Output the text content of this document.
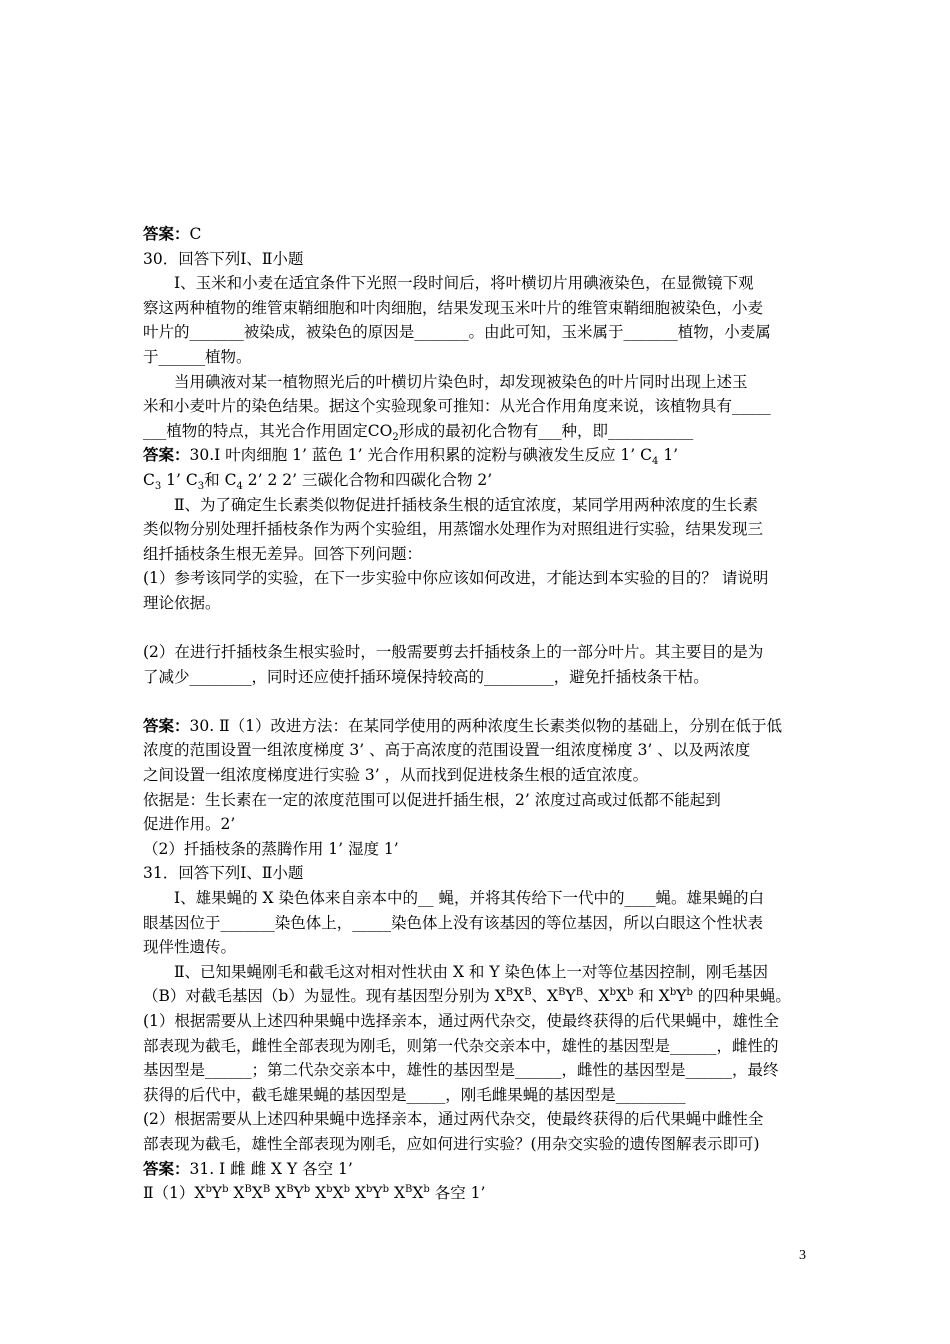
答案：C
30．回答下列Ⅰ、Ⅱ小题
Ⅰ、玉米和小麦在适宜条件下光照一段时间后，将叶横切片用碘液染色，在显微镜下观
察这两种植物的维管束鞘细胞和叶肉细胞，结果发现玉米叶片的维管束鞘细胞被染色，小麦
叶片的_______被染成，被染色的原因是_______。由此可知，玉米属于_______植物，小麦属
于______植物。
当用碘液对某一植物照光后的叶横切片染色时，却发现被染色的叶片同时出现上述玉
米和小麦叶片的染色结果。据这个实验现象可推知：从光合作用角度来说，该植物具有_____
___植物的特点，其光合作用固定$CO_2$形成的最初化合物有___种，即___________
答案：30.Ⅰ 叶肉细胞 1’ 蓝色 1’ 光合作用积累的淀粉与碘液发生反应 1’ $C_4$ 1’
$C_3$ 1’ $C_3$和 $C_4$ 2’ 2 2’ 三碳化合物和四碳化合物 2’
Ⅱ、为了确定生长素类似物促进扦插枝条生根的适宜浓度，某同学用两种浓度的生长素
类似物分别处理扦插枝条作为两个实验组，用蒸馏水处理作为对照组进行实验，结果发现三
组扦插枝条生根无差异。回答下列问题：
(1）参考该同学的实验，在下一步实验中你应该如何改进，才能达到本实验的目的？ 请说明
理论依据。
(2）在进行扦插枝条生根实验时，一般需要剪去扦插枝条上的一部分叶片。其主要目的是为
了减少________，同时还应使扦插环境保持较高的_________，避免扦插枝条干枯。
答案：30. Ⅱ（1）改进方法：在某同学使用的两种浓度生长素类似物的基础上，分别在低于低
浓度的范围设置一组浓度梯度 3’ 、高于高浓度的范围设置一组浓度梯度 3’ 、以及两浓度
之间设置一组浓度梯度进行实验 3’ ，从而找到促进枝条生根的适宜浓度。
依据是：生长素在一定的浓度范围可以促进扦插生根，2’ 浓度过高或过低都不能起到
促进作用。2’
（2）扦插枝条的蒸腾作用 1’ 湿度 1’
31．回答下列Ⅰ、Ⅱ小题
Ⅰ、雄果蝇的 X 染色体来自亲本中的__ 蝇，并将其传给下一代中的____蝇。雄果蝇的白
眼基因位于_______染色体上，_____染色体上没有该基因的等位基因，所以白眼这个性状表
现伴性遗传。
Ⅱ、已知果蝇刚毛和截毛这对相对性状由 X 和 Y 染色体上一对等位基因控制，刚毛基因
（B）对截毛基因（b）为显性。现有基因型分别为 $X^BX^B$、$X^BY^B$、$X^bX^b$ 和 $X^bY^b$ 的四种果蝇。
(1）根据需要从上述四种果蝇中选择亲本，通过两代杂交，使最终获得的后代果蝇中，雄性全
部表现为截毛，雌性全部表现为刚毛，则第一代杂交亲本中，雄性的基因型是______，雌性的
基因型是______；第二代杂交亲本中，雄性的基因型是______，雌性的基因型是______，最终
获得的后代中，截毛雄果蝇的基因型是_____，刚毛雌果蝇的基因型是_________
(2）根据需要从上述四种果蝇中选择亲本，通过两代杂交，使最终获得的后代果蝇中雌性全
部表现为截毛，雄性全部表现为刚毛，应如何进行实验？(用杂交实验的遗传图解表示即可)
答案：31. Ⅰ 雌 雌 X Y 各空 1’
$Ⅱ(1)X^bY^b$ $X^BX^B$ $X^BY^b$ $X^bX^b$ $X^bY^b$ $X^BX^b$ 各空 1’
3
